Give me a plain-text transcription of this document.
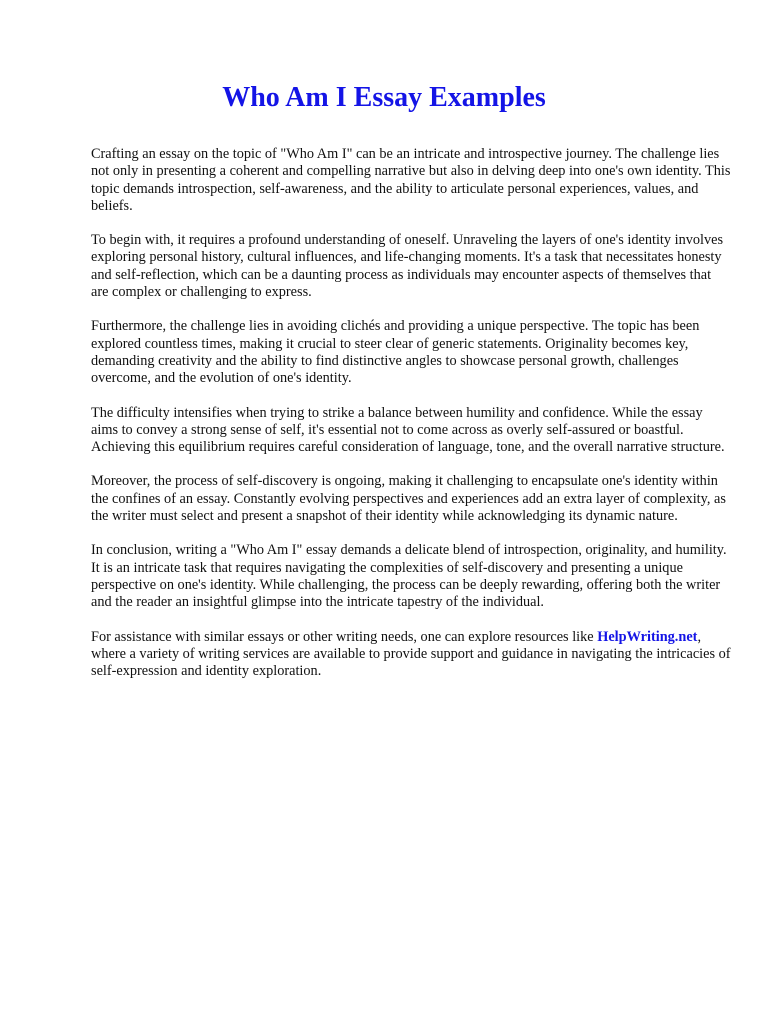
Who Am I Essay Examples

Crafting an essay on the topic of "Who Am I" can be an intricate and introspective journey. The challenge lies not only in presenting a coherent and compelling narrative but also in delving deep into one's own identity. This topic demands introspection, self-awareness, and the ability to articulate personal experiences, values, and beliefs.

To begin with, it requires a profound understanding of oneself. Unraveling the layers of one's identity involves exploring personal history, cultural influences, and life-changing moments. It's a task that necessitates honesty and self-reflection, which can be a daunting process as individuals may encounter aspects of themselves that are complex or challenging to express.

Furthermore, the challenge lies in avoiding clichés and providing a unique perspective. The topic has been explored countless times, making it crucial to steer clear of generic statements. Originality becomes key, demanding creativity and the ability to find distinctive angles to showcase personal growth, challenges overcome, and the evolution of one's identity.

The difficulty intensifies when trying to strike a balance between humility and confidence. While the essay aims to convey a strong sense of self, it's essential not to come across as overly self-assured or boastful. Achieving this equilibrium requires careful consideration of language, tone, and the overall narrative structure.

Moreover, the process of self-discovery is ongoing, making it challenging to encapsulate one's identity within the confines of an essay. Constantly evolving perspectives and experiences add an extra layer of complexity, as the writer must select and present a snapshot of their identity while acknowledging its dynamic nature.

In conclusion, writing a "Who Am I" essay demands a delicate blend of introspection, originality, and humility. It is an intricate task that requires navigating the complexities of self-discovery and presenting a unique perspective on one's identity. While challenging, the process can be deeply rewarding, offering both the writer and the reader an insightful glimpse into the intricate tapestry of the individual.

For assistance with similar essays or other writing needs, one can explore resources like HelpWriting.net, where a variety of writing services are available to provide support and guidance in navigating the intricacies of self-expression and identity exploration.
